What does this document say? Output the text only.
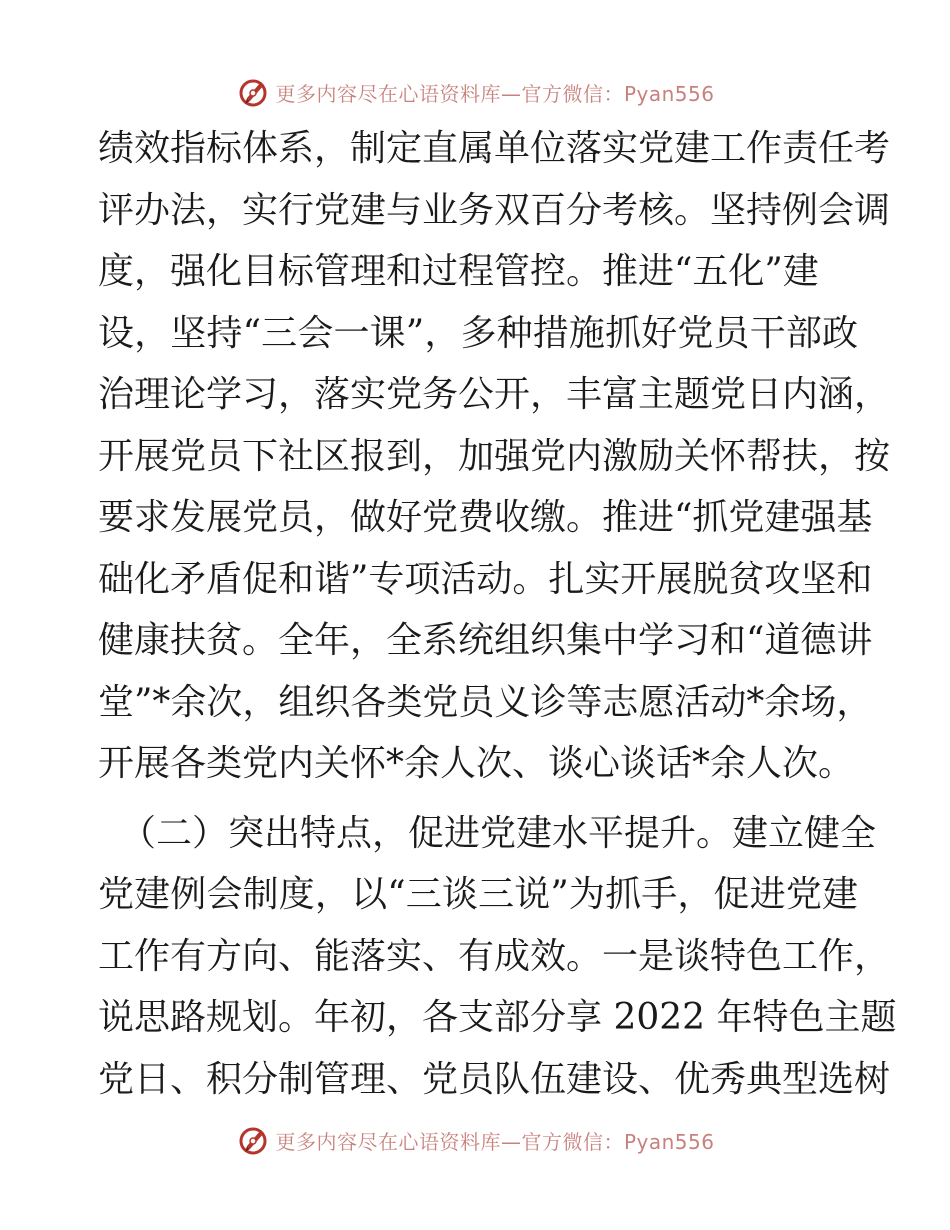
更多内容尽在心语资料库—官方微信：Pyan556
绩效指标体系，制定直属单位落实党建工作责任考
评办法，实行党建与业务双百分考核。坚持例会调
度，强化目标管理和过程管控。推进“五化”建
设，坚持“三会一课”，多种措施抓好党员干部政
治理论学习，落实党务公开，丰富主题党日内涵，
开展党员下社区报到，加强党内激励关怀帮扶，按
要求发展党员，做好党费收缴。推进“抓党建强基
础化矛盾促和谐”专项活动。扎实开展脱贫攻坚和
健康扶贫。全年，全系统组织集中学习和“道德讲
堂”*余次，组织各类党员义诊等志愿活动*余场，
开展各类党内关怀*余人次、谈心谈话*余人次。
（二）突出特点，促进党建水平提升。建立健全
党建例会制度，以“三谈三说”为抓手，促进党建
工作有方向、能落实、有成效。一是谈特色工作，
说思路规划。年初，各支部分享 2022 年特色主题
党日、积分制管理、党员队伍建设、优秀典型选树
更多内容尽在心语资料库—官方微信：Pyan556
